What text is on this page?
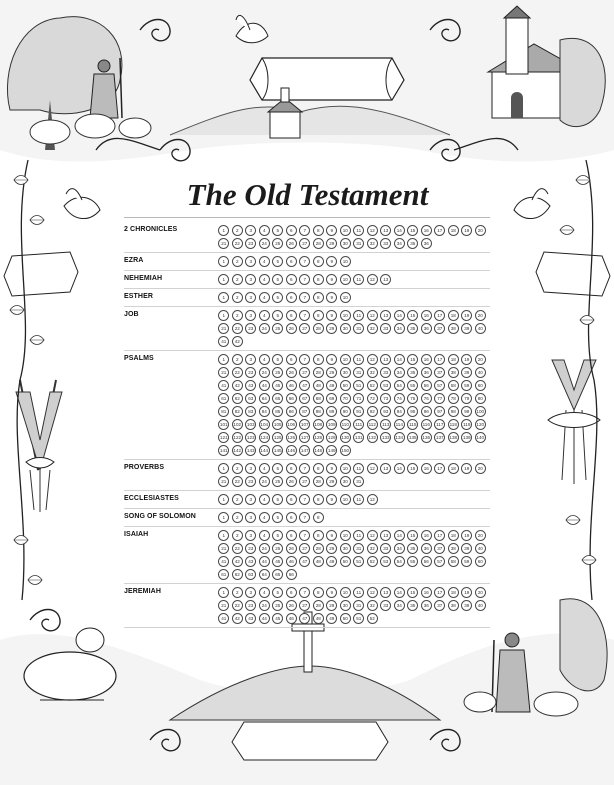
The Old Testament
2 CHRONICLES	1	2	3	4	5	6	7	8	9	10	11	12	13	14	15	16	17	18	19	20
21	22	23	24	25	26	27	28	29	30	31	32	33	34	35	36
EZRA	1	2	3	4	5	6	7	8	9	10
NEHEMIAH	1	2	3	4	5	6	7	8	9	10	11	12	13
ESTHER	1	2	3	4	5	6	7	8	9	10
JOB	1	2	3	4	5	6	7	8	9	10	11	12	13	14	15	16	17	18	19	20
21	22	23	24	25	26	27	28	29	30	31	32	33	34	35	36	37	38	39	40
41	42
PSALMS	1	2	3	4	5	6	7	8	9	10	11	12	13	14	15	16	17	18	19	20
21	22	23	24	25	26	27	28	29	30	31	32	33	34	35	36	37	38	39	40
41	42	43	44	45	46	47	48	49	50	51	52	53	54	55	56	57	58	59	60
61	62	63	64	65	66	67	68	69	70	71	72	73	74	75	76	77	78	79	80
81	82	83	84	85	86	87	88	89	90	91	92	93	94	95	96	97	98	99	100
101	102	103	104	105	106	107	108	109	110	111	112	113	114	115	116	117	118	119	120
121	122	123	124	125	126	127	128	129	130	131	132	133	134	135	136	137	138	139	140
141	142	143	144	145	146	147	148	149	150
PROVERBS	1	2	3	4	5	6	7	8	9	10	11	12	13	14	15	16	17	18	19	20
21	22	23	24	25	26	27	28	29	30	31
ECCLESIASTES	1	2	3	4	5	6	7	8	9	10	11	12
SONG OF SOLOMON	1	2	3	4	5	6	7	8
ISAIAH	1	2	3	4	5	6	7	8	9	10	11	12	13	14	15	16	17	18	19	20
21	22	23	24	25	26	27	28	29	30	31	32	33	34	35	36	37	38	39	40
41	42	43	44	45	46	47	48	49	50	51	52	53	54	55	56	57	58	59	60
61	62	63	64	65	66
JEREMIAH	1	2	3	4	5	6	7	8	9	10	11	12	13	14	15	16	17	18	19	20
21	22	23	24	25	26	27	28	29	30	31	32	33	34	35	36	37	38	39	40
41	42	43	44	45	46	47	48	49	50	51	52
